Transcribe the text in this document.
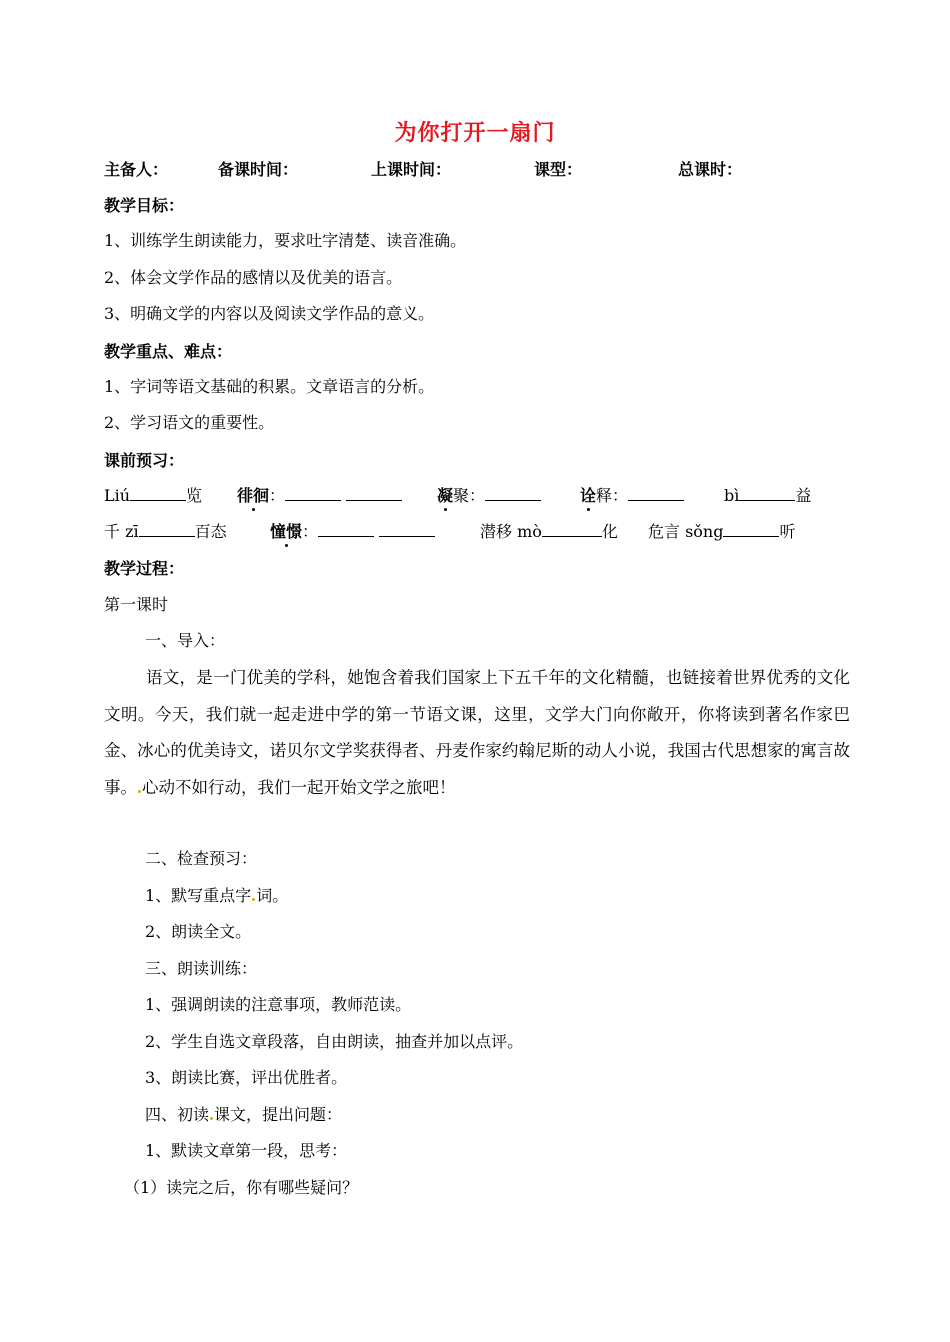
为你打开一扇门
主备人：	备课时间：	上课时间：	课型：	总课时：
教学目标：
1、训练学生朗读能力，要求吐字清楚、读音准确。
2、体会文学作品的感情以及优美的语言。
3、明确文学的内容以及阅读文学作品的意义。
教学重点、难点：
1、字词等语文基础的积累。文章语言的分析。
2、学习语文的重要性。
课前预习：
Liú	览 徘徊：	凝聚：	诠释：	bì	益
千 zī	百态	憧憬：	潜移 mò	化 危言 sǒng	听
教学过程：
第一课时
一、导入：
语文，是一门优美的学科，她饱含着我们国家上下五千年的文化精髓，也链接着世界优秀的文化文明。今天，我们就一起走进中学的第一节语文课，这里，文学大门向你敞开，你将读到著名作家巴金、冰心的优美诗文，诺贝尔文学奖获得者、丹麦作家约翰尼斯的动人小说，我国古代思想家的寓言故事。 心动不如行动，我们一起开始文学之旅吧！
二、检查预习：
1、默写重点字 词。
2、朗读全文。
三、朗读训练：
1、强调朗读的注意事项，教师范读。
2、学生自选文章段落，自由朗读，抽查并加以点评。
3、朗读比赛，评出优胜者。
四、初读 课文，提出问题：
1、默读文章第一段，思考：
（1）读完之后，你有哪些疑问？
